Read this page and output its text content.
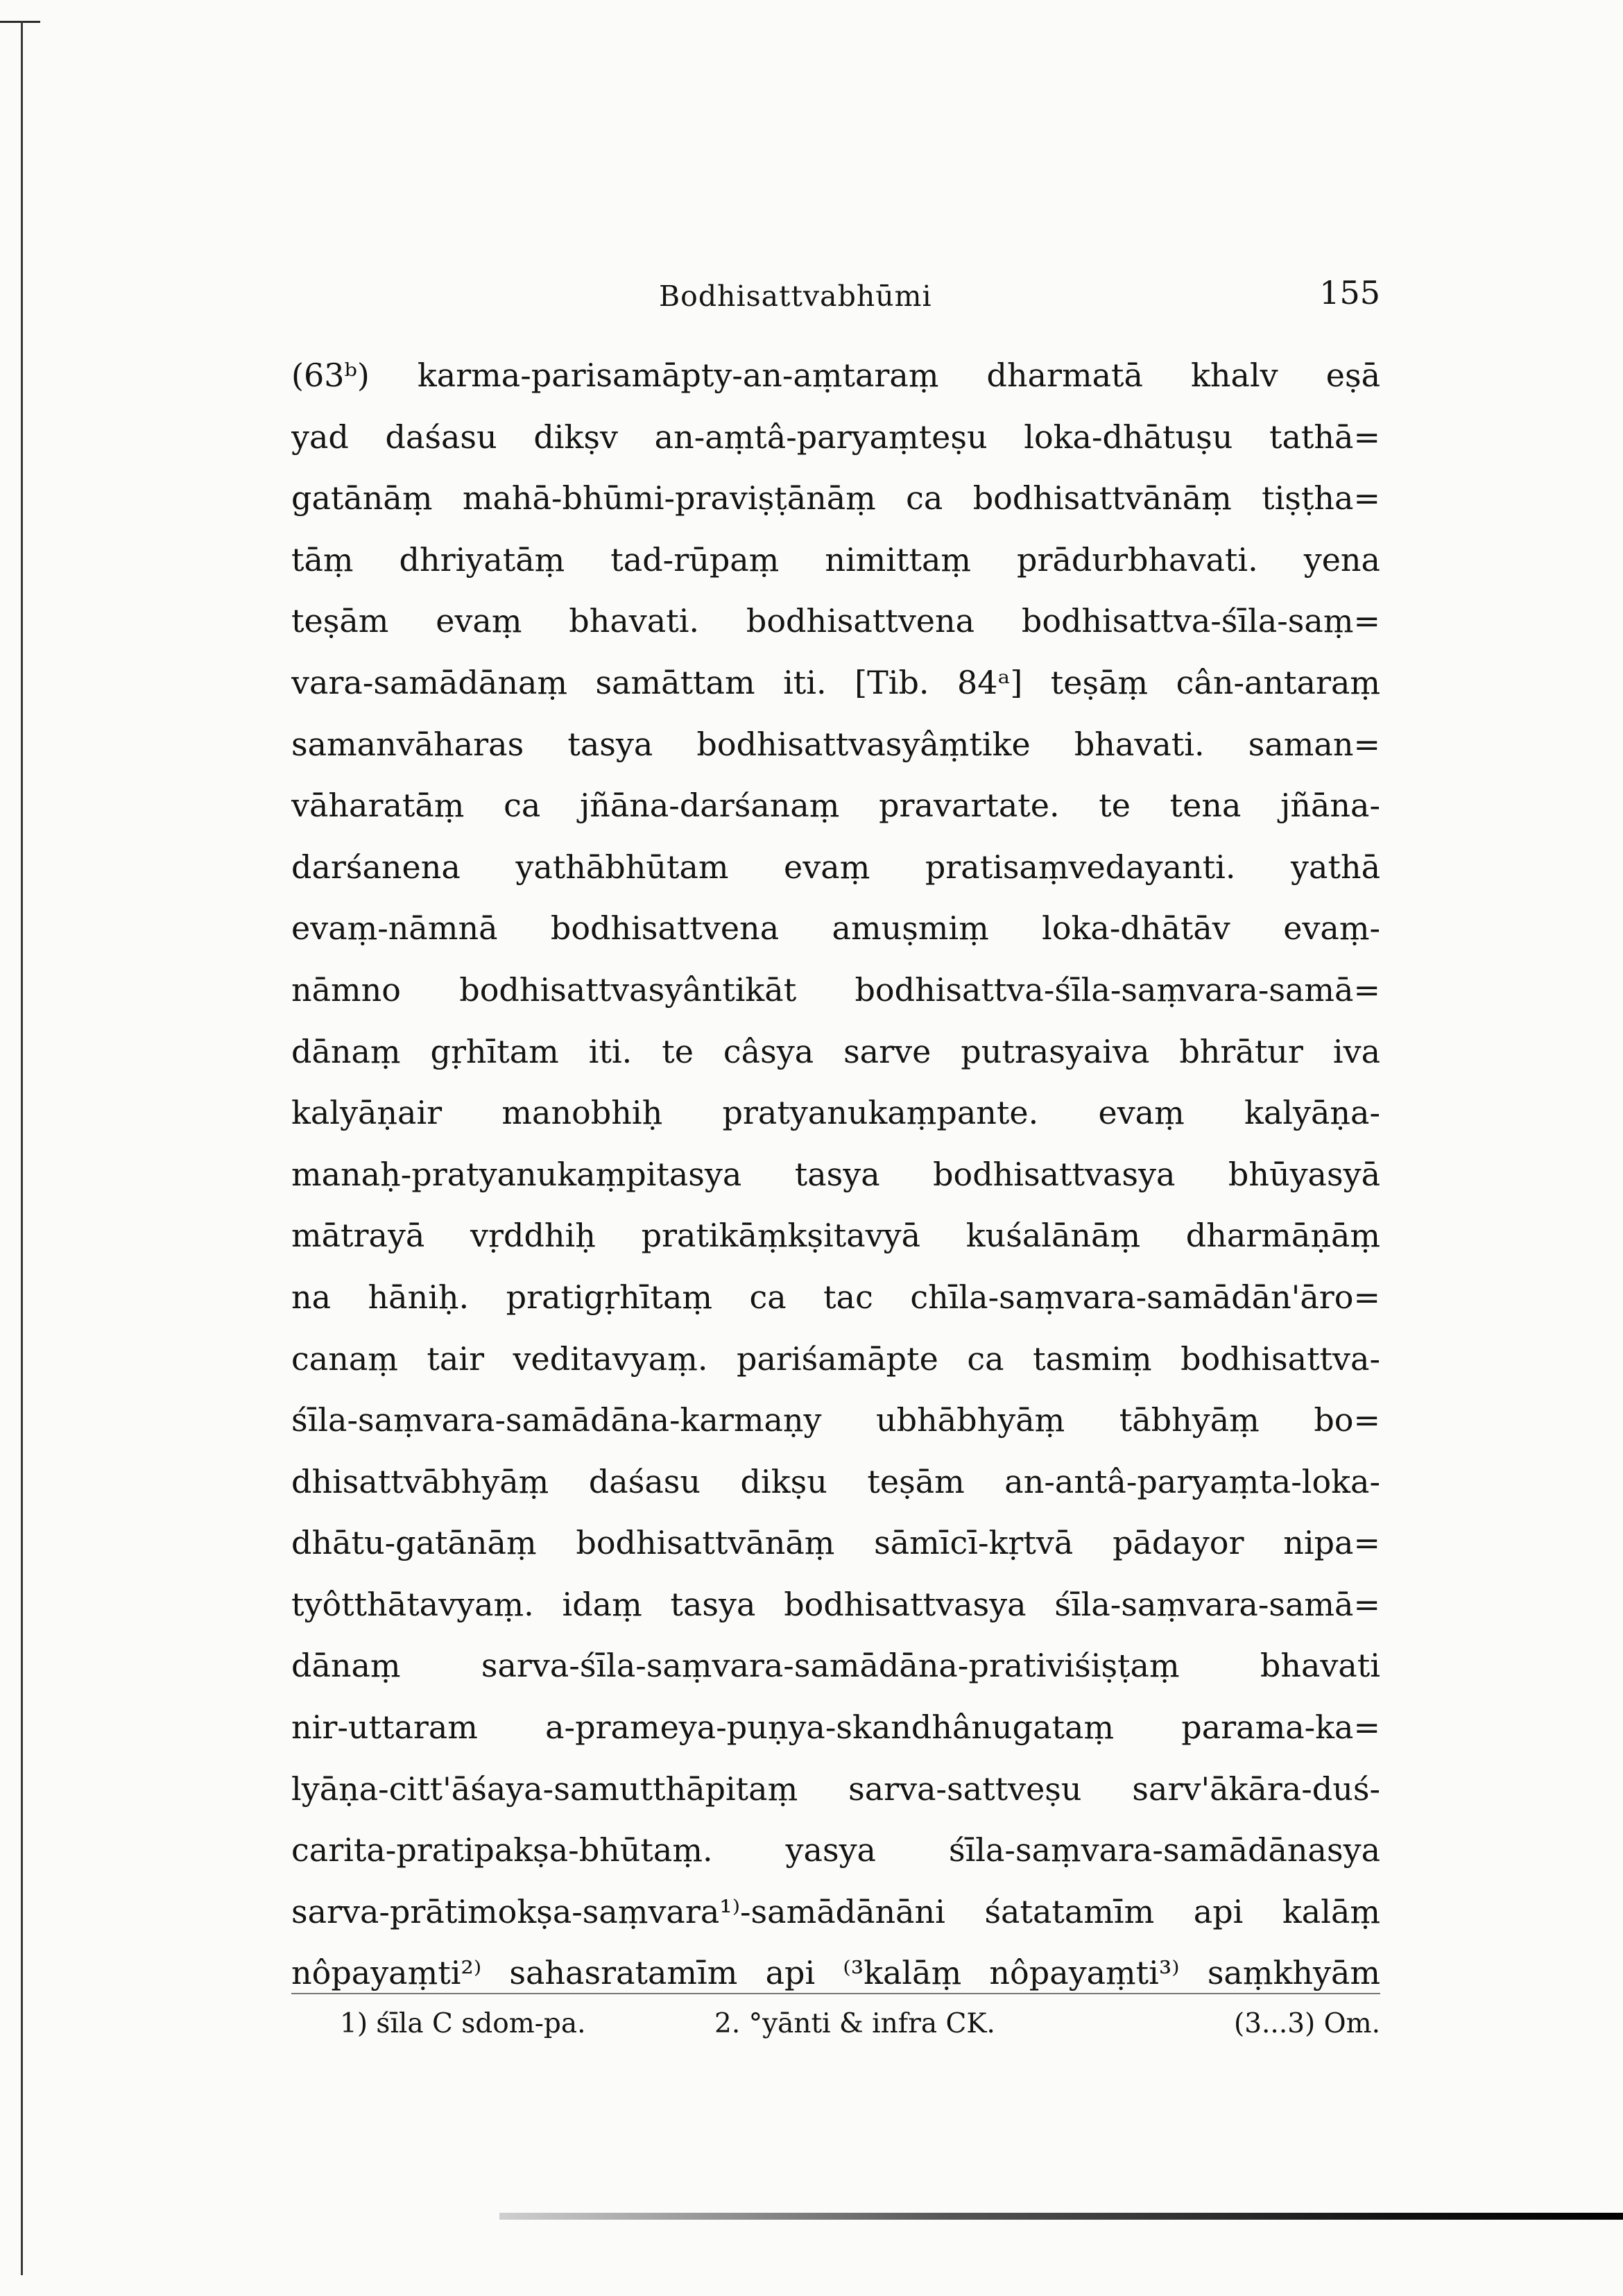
Bodhisattvabhūmi	155
(63ᵇ) karma-parisamāpty-an-aṃtaraṃ dharmatā khalv eṣā
yad daśasu dikṣv an-aṃtâ-paryaṃteṣu loka-dhātuṣu tathā=
gatānāṃ mahā-bhūmi-praviṣṭānāṃ ca bodhisattvānāṃ tiṣṭha=
tāṃ dhriyatāṃ tad-rūpaṃ nimittaṃ prādurbhavati. yena
teṣām evaṃ bhavati. bodhisattvena bodhisattva-śīla-saṃ=
vara-samādānaṃ samāttam iti. [Tib. 84ᵃ] teṣāṃ cân-antaraṃ
samanvāharas tasya bodhisattvasyâṃtike bhavati. saman=
vāharatāṃ ca jñāna-darśanaṃ pravartate. te tena jñāna-
darśanena yathābhūtam evaṃ pratisaṃvedayanti. yathā
evaṃ-nāmnā bodhisattvena amuṣmiṃ loka-dhātāv evaṃ-
nāmno bodhisattvasyântikāt bodhisattva-śīla-saṃvara-samā=
dānaṃ gṛhītam iti. te câsya sarve putrasyaiva bhrātur iva
kalyāṇair manobhiḥ pratyanukaṃpante. evaṃ kalyāṇa-
manaḥ-pratyanukaṃpitasya tasya bodhisattvasya bhūyasyā
mātrayā vṛddhiḥ pratikāṃkṣitavyā kuśalānāṃ dharmāṇāṃ
na hāniḥ. pratigṛhītaṃ ca tac chīla-saṃvara-samādān'āro=
canaṃ tair veditavyaṃ. pariśamāpte ca tasmiṃ bodhisattva-
śīla-saṃvara-samādāna-karmaṇy ubhābhyāṃ tābhyāṃ bo=
dhisattvābhyāṃ daśasu dikṣu teṣām an-antâ-paryaṃta-loka-
dhātu-gatānāṃ bodhisattvānāṃ sāmīcī-kṛtvā pādayor nipa=
tyôtthātavyaṃ. idaṃ tasya bodhisattvasya śīla-saṃvara-samā=
dānaṃ sarva-śīla-saṃvara-samādāna-prativiśiṣṭaṃ bhavati
nir-uttaram a-prameya-puṇya-skandhânugataṃ parama-ka=
lyāṇa-citt'āśaya-samutthāpitaṃ sarva-sattveṣu sarv'ākāra-duś-
carita-pratipakṣa-bhūtaṃ. yasya śīla-saṃvara-samādānasya
sarva-prātimokṣa-saṃvara¹⁾-samādānāni śatatamīm api kalāṃ
nôpayaṃti²⁾ sahasratamīm api ⁽³kalāṃ nôpayaṃti³⁾ saṃkhyām
1) śīla C sdom-pa.	2. °yānti & infra CK.	(3...3) Om.
